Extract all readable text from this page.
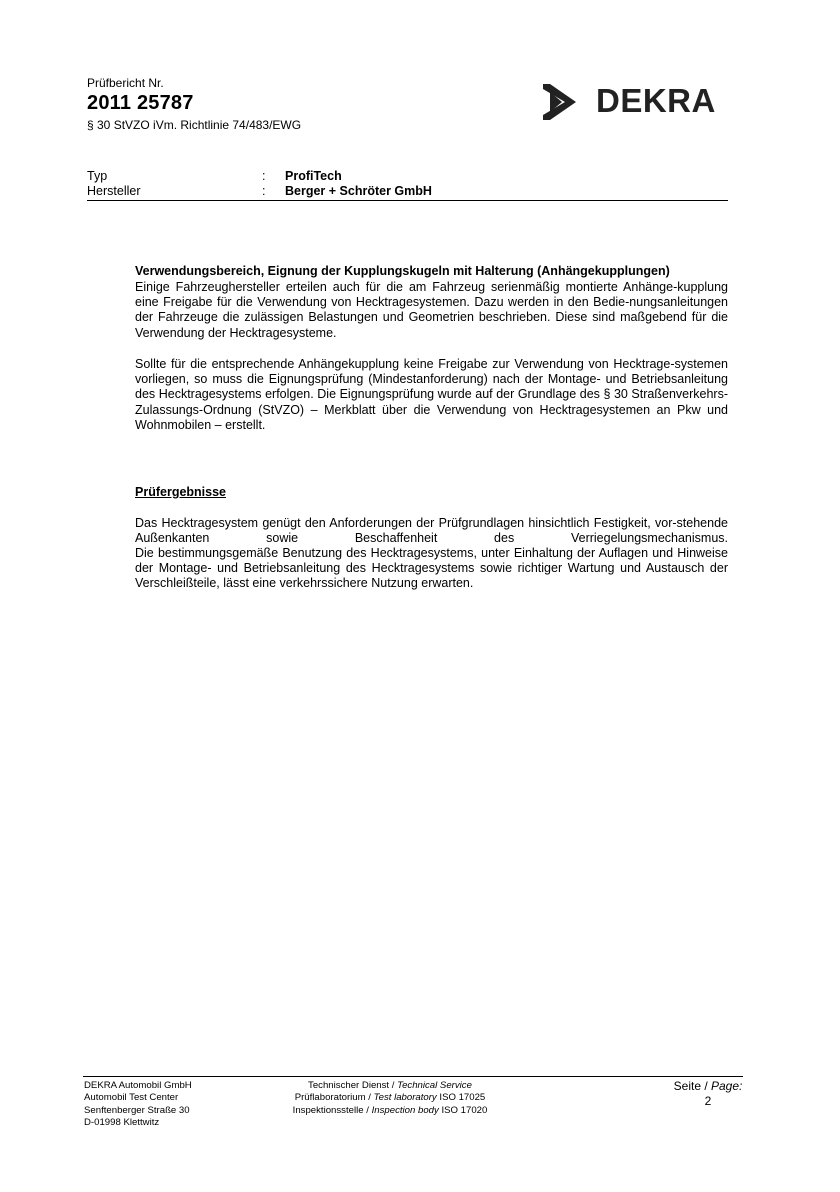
Prüfbericht Nr.
2011 25787
§ 30 StVZO iVm. Richtlinie 74/483/EWG
DEKRA
Typ	: ProfiTech
Hersteller	: Berger + Schröter GmbH
Verwendungsbereich, Eignung der Kupplungskugeln mit Halterung (Anhängekupplungen)
Einige Fahrzeughersteller erteilen auch für die am Fahrzeug serienmäßig montierte Anhänge-kupplung eine Freigabe für die Verwendung von Hecktragesystemen. Dazu werden in den Bedie-nungsanleitungen der Fahrzeuge die zulässigen Belastungen und Geometrien beschrieben. Diese sind maßgebend für die Verwendung der Hecktragesysteme.
Sollte für die entsprechende Anhängekupplung keine Freigabe zur Verwendung von Hecktrage-systemen vorliegen, so muss die Eignungsprüfung (Mindestanforderung) nach der Montage- und Betriebsanleitung des Hecktragesystems erfolgen. Die Eignungsprüfung wurde auf der Grundlage des § 30 Straßenverkehrs-Zulassungs-Ordnung (StVZO) – Merkblatt über die Verwendung von Hecktragesystemen an Pkw und Wohnmobilen – erstellt.
Prüfergebnisse
Das Hecktragesystem genügt den Anforderungen der Prüfgrundlagen hinsichtlich Festigkeit, vor-stehende Außenkanten sowie Beschaffenheit des Verriegelungsmechanismus.
Die bestimmungsgemäße Benutzung des Hecktragesystems, unter Einhaltung der Auflagen und Hinweise der Montage- und Betriebsanleitung des Hecktragesystems sowie richtiger Wartung und Austausch der Verschleißteile, lässt eine verkehrssichere Nutzung erwarten.
DEKRA Automobil GmbH
Automobil Test Center
Senftenberger Straße 30
D-01998 Klettwitz
Technischer Dienst / Technical Service
Prüflaboratorium / Test laboratory ISO 17025
Inspektionsstelle / Inspection body ISO 17020
Seite / Page:
2
